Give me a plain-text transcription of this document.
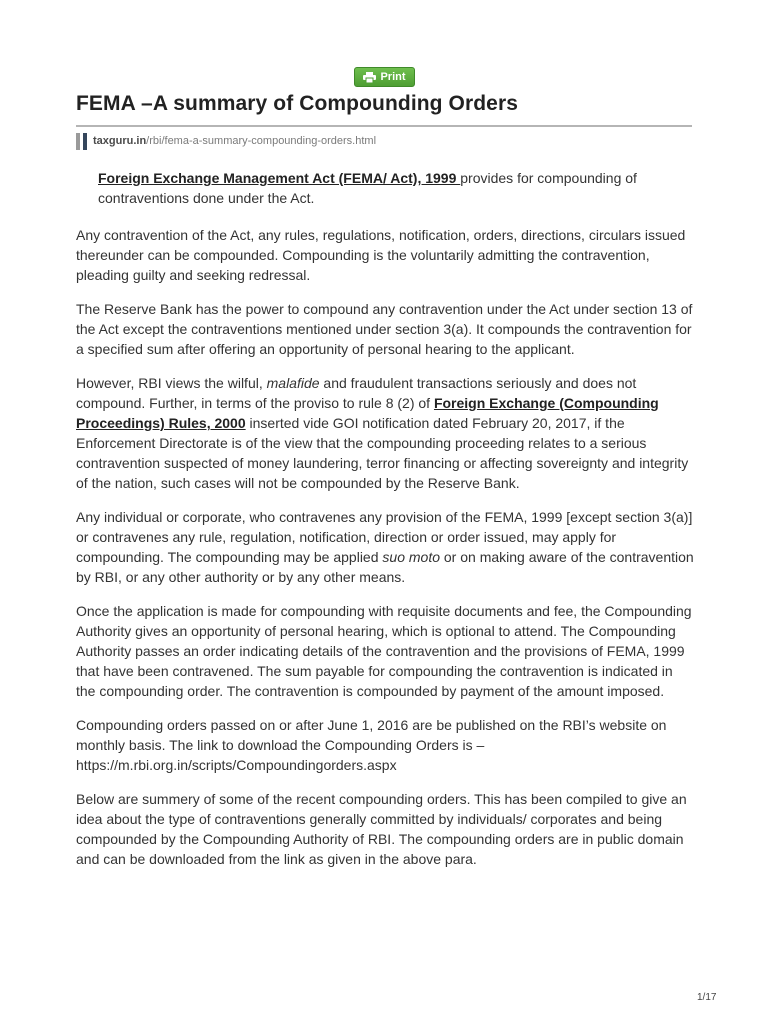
Print
FEMA –A summary of Compounding Orders
taxguru.in /rbi/fema-a-summary-compounding-orders.html

Foreign Exchange Management Act (FEMA/ Act), 1999 provides for compounding of contraventions done under the Act.

Any contravention of the Act, any rules, regulations, notification, orders, directions, circulars issued thereunder can be compounded. Compounding is the voluntarily admitting the contravention, pleading guilty and seeking redressal.

The Reserve Bank has the power to compound any contravention under the Act under section 13 of the Act except the contraventions mentioned under section 3(a). It compounds the contravention for a specified sum after offering an opportunity of personal hearing to the applicant.

However, RBI views the wilful, malafide and fraudulent transactions seriously and does not compound. Further, in terms of the proviso to rule 8 (2) of Foreign Exchange (Compounding Proceedings) Rules, 2000 inserted vide GOI notification dated February 20, 2017, if the Enforcement Directorate is of the view that the compounding proceeding relates to a serious contravention suspected of money laundering, terror financing or affecting sovereignty and integrity of the nation, such cases will not be compounded by the Reserve Bank.

Any individual or corporate, who contravenes any provision of the FEMA, 1999 [except section 3(a)] or contravenes any rule, regulation, notification, direction or order issued, may apply for compounding. The compounding may be applied suo moto or on making aware of the contravention by RBI, or any other authority or by any other means.

Once the application is made for compounding with requisite documents and fee, the Compounding Authority gives an opportunity of personal hearing, which is optional to attend. The Compounding Authority passes an order indicating details of the contravention and the provisions of FEMA, 1999 that have been contravened. The sum payable for compounding the contravention is indicated in the compounding order. The contravention is compounded by payment of the amount imposed.

Compounding orders passed on or after June 1, 2016 are be published on the RBI’s website on monthly basis. The link to download the Compounding Orders is – https://m.rbi.org.in/scripts/Compoundingorders.aspx

Below are summery of some of the recent compounding orders. This has been compiled to give an idea about the type of contraventions generally committed by individuals/ corporates and being compounded by the Compounding Authority of RBI. The compounding orders are in public domain and can be downloaded from the link as given in the above para.

1/17
